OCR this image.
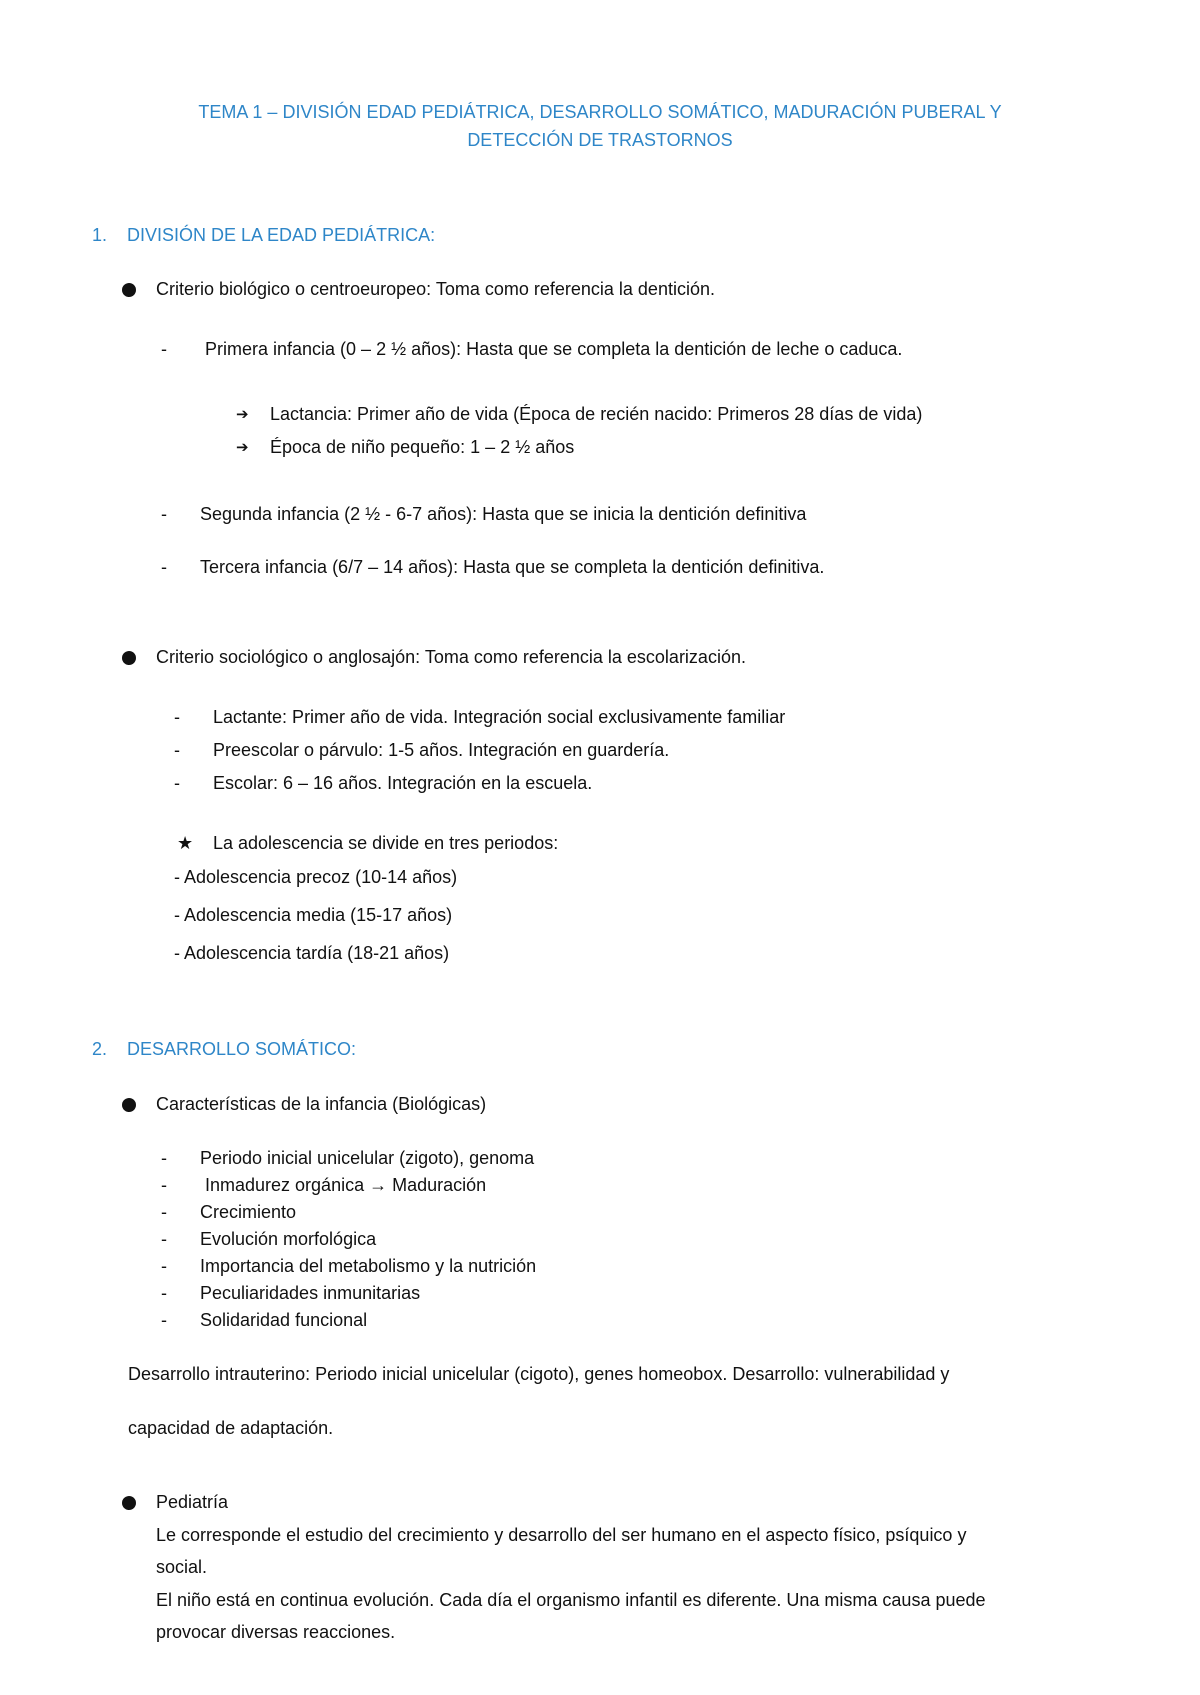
TEMA 1 – DIVISIÓN EDAD PEDIÁTRICA, DESARROLLO SOMÁTICO, MADURACIÓN PUBERAL Y
DETECCIÓN DE TRASTORNOS
1. DIVISIÓN DE LA EDAD PEDIÁTRICA:
Criterio biológico o centroeuropeo: Toma como referencia la dentición.
- Primera infancia (0 – 2 ½ años): Hasta que se completa la dentición de leche o caduca.
➔ Lactancia: Primer año de vida (Época de recién nacido: Primeros 28 días de vida)
➔ Época de niño pequeño: 1 – 2 ½ años
- Segunda infancia (2 ½ - 6-7 años): Hasta que se inicia la dentición definitiva
- Tercera infancia (6/7 – 14 años): Hasta que se completa la dentición definitiva.
Criterio sociológico o anglosajón: Toma como referencia la escolarización.
- Lactante: Primer año de vida. Integración social exclusivamente familiar
- Preescolar o párvulo: 1-5 años. Integración en guardería.
- Escolar: 6 – 16 años. Integración en la escuela.
★ La adolescencia se divide en tres periodos:
- Adolescencia precoz (10-14 años)
- Adolescencia media (15-17 años)
- Adolescencia tardía (18-21 años)
2. DESARROLLO SOMÁTICO:
Características de la infancia (Biológicas)
- Periodo inicial unicelular (zigoto), genoma
- Inmadurez orgánica → Maduración
- Crecimiento
- Evolución morfológica
- Importancia del metabolismo y la nutrición
- Peculiaridades inmunitarias
- Solidaridad funcional
Desarrollo intrauterino: Periodo inicial unicelular (cigoto), genes homeobox. Desarrollo: vulnerabilidad y
capacidad de adaptación.
Pediatría
Le corresponde el estudio del crecimiento y desarrollo del ser humano en el aspecto físico, psíquico y
social.
El niño está en continua evolución. Cada día el organismo infantil es diferente. Una misma causa puede
provocar diversas reacciones.
